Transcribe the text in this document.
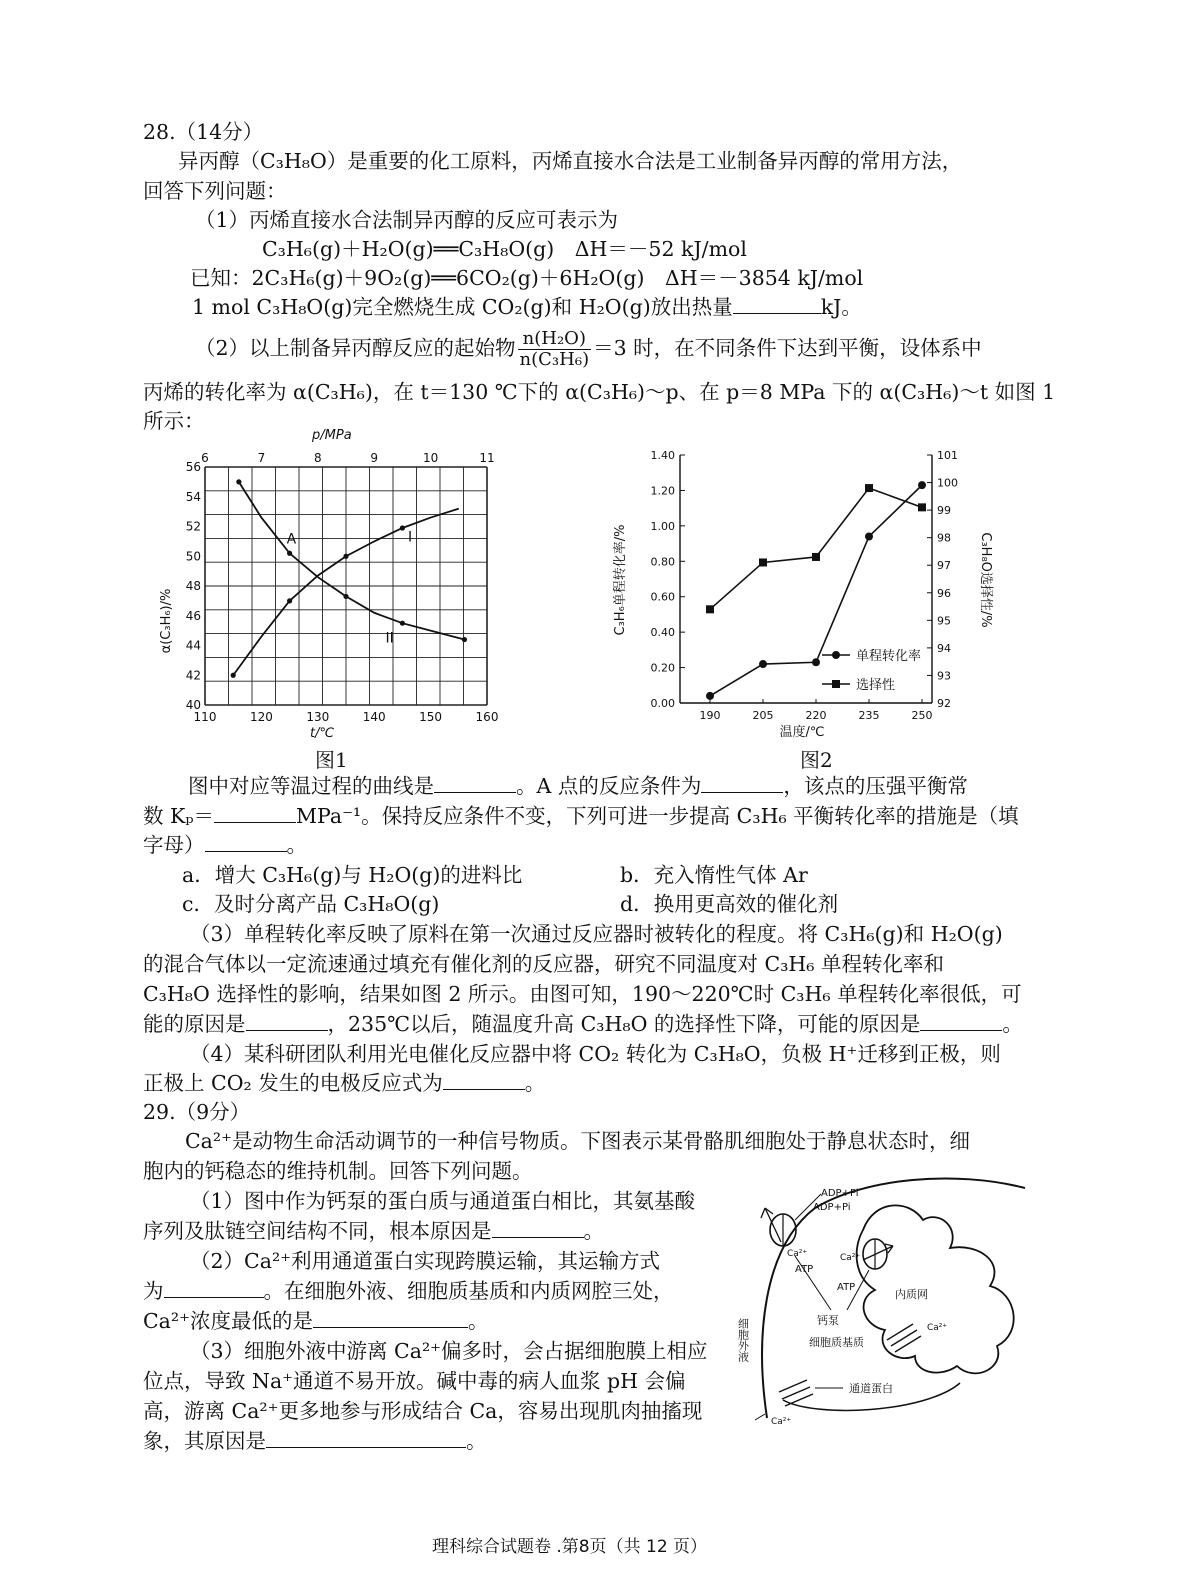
28.（14分）
异丙醇（C₃H₈O）是重要的化工原料，丙烯直接水合法是工业制备异丙醇的常用方法，
回答下列问题：
（1）丙烯直接水合法制异丙醇的反应可表示为
C₃H₆(g)＋H₂O(g)══C₃H₈O(g)　ΔH＝－52 kJ/mol
已知：2C₃H₆(g)＋9O₂(g)══6CO₂(g)＋6H₂O(g)　ΔH＝－3854 kJ/mol
1 mol C₃H₈O(g)完全燃烧生成 CO₂(g)和 H₂O(g)放出热量	kJ。
（2）以上制备异丙醇反应的起始物 $\frac{\text{n(H₂O)}}{\text{n(C₃H₆)}} =3$ 时，在不同条件下达到平衡，设体系中
丙烯的转化率为 α(C₃H₆)，在 t＝130 ℃下的 α(C₃H₆)～p、在 p＝8 MPa 下的 α(C₃H₆)～t 如图 1
所示：
p/MPa
6	7	8	9	10	11
110	120	130	140	150	160
40
42
44
46
48
50
52
54
56
A	I
II
t/℃
α(C₃H₆)/%
图1
0.00
0.20
0.40
0.60
0.80
1.00
1.20
1.40
92
93
94
95
96
97
98
99
100
101
190	205	220	235	250
C₃H₆单程转化率/%	C₃H₈O选择性/%
温度/℃
单程转化率
选择性
图2
图中对应等温过程的曲线是	。A 点的反应条件为	，该点的压强平衡常
数 Kₚ＝	MPa⁻¹。保持反应条件不变，下列可进一步提高 C₃H₆ 平衡转化率的措施是（填
字母）	。
a．增大 C₃H₆(g)与 H₂O(g)的进料比	b．充入惰性气体 Ar
c．及时分离产品 C₃H₈O(g)	d．换用更高效的催化剂
（3）单程转化率反映了原料在第一次通过反应器时被转化的程度。将 C₃H₆(g)和 H₂O(g)
的混合气体以一定流速通过填充有催化剂的反应器，研究不同温度对 C₃H₆ 单程转化率和
C₃H₈O 选择性的影响，结果如图 2 所示。由图可知，190～220℃时 C₃H₆ 单程转化率很低，可
能的原因是	，235℃以后，随温度升高 C₃H₈O 的选择性下降，可能的原因是	。
（4）某科研团队利用光电催化反应器中将 CO₂ 转化为 C₃H₈O，负极 H⁺迁移到正极，则
正极上 CO₂ 发生的电极反应式为	。
29.（9分）
Ca²⁺是动物生命活动调节的一种信号物质。下图表示某骨骼肌细胞处于静息状态时，细
胞内的钙稳态的维持机制。回答下列问题。
（1）图中作为钙泵的蛋白质与通道蛋白相比，其氨基酸
序列及肽链空间结构不同，根本原因是	。
（2）Ca²⁺利用通道蛋白实现跨膜运输，其运输方式
为	。在细胞外液、细胞质基质和内质网腔三处，
Ca²⁺浓度最低的是	。
（3）细胞外液中游离 Ca²⁺偏多时，会占据细胞膜上相应
位点，导致 Na⁺通道不易开放。碱中毒的病人血浆 pH 会偏
高，游离 Ca²⁺更多地参与形成结合 Ca，容易出现肌肉抽搐现
象，其原因是	。
ADP+Pi
ADP+Pi
Ca²⁺	Ca²⁺
ATP
ATP
内质网
钙泵
细胞质基质
细胞外液	Ca²⁺
Ca²⁺
通道蛋白
理科综合试题卷 .第8页（共 12 页）
